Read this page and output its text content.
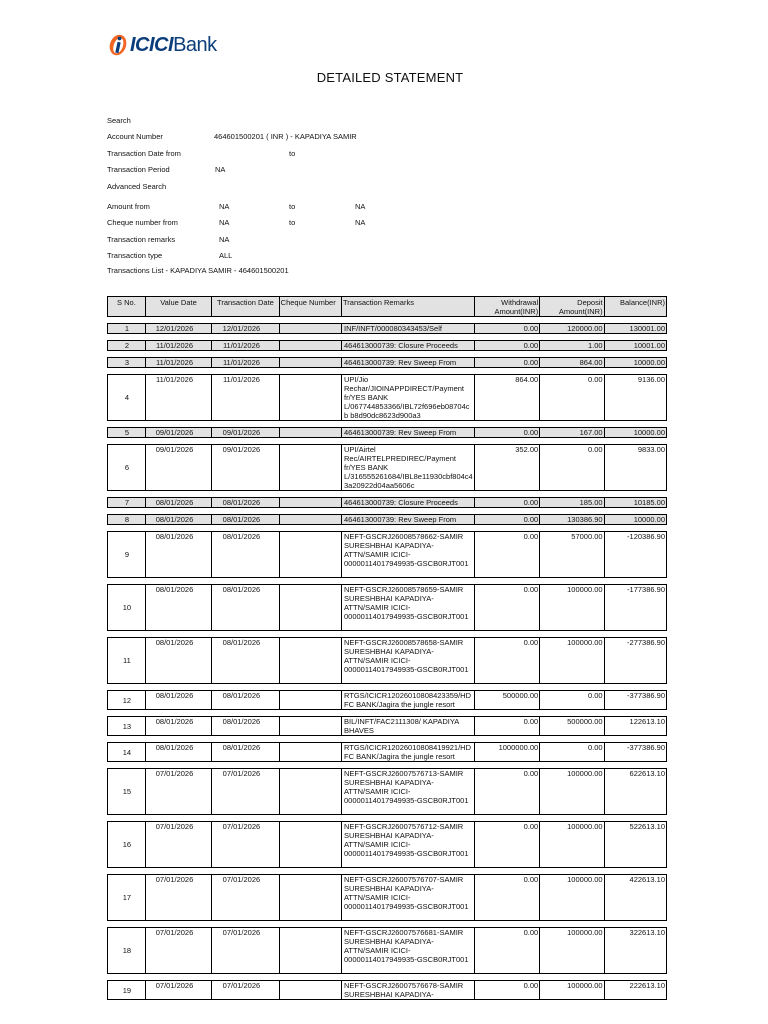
ICICIBank
DETAILED STATEMENT
Search
Account Number	464601500201 ( INR ) - KAPADIYA SAMIR
Transaction Date from	to
Transaction Period	NA
Advanced Search
Amount from	NA	to	NA
Cheque number from	NA	to	NA
Transaction remarks	NA
Transaction type	ALL
Transactions List - KAPADIYA SAMIR - 464601500201
S No.	Value Date	Transaction Date	Cheque Number	Transaction Remarks	Withdrawal Amount(INR)	Deposit Amount(INR)	Balance(INR)
1	12/01/2026	12/01/2026		INF/INFT/000080343453/Self	0.00	120000.00	130001.00
2	11/01/2026	11/01/2026		464613000739: Closure Proceeds	0.00	1.00	10001.00
3	11/01/2026	11/01/2026		464613000739: Rev Sweep From	0.00	864.00	10000.00
4	11/01/2026	11/01/2026		UPI/Jio Rechar/JIOINAPPDIRECT/Payment fr/YES BANK L/067744853366/IBL72f696eb08704cb b8d90dc8623d900a3	864.00	0.00	9136.00
5	09/01/2026	09/01/2026		464613000739: Rev Sweep From	0.00	167.00	10000.00
6	09/01/2026	09/01/2026		UPI/Airtel Rec/AIRTELPREDIREC/Payment fr/YES BANK L/316555261684/IBL8e11930cbf804c4 3a20922d04aa5606c	352.00	0.00	9833.00
7	08/01/2026	08/01/2026		464613000739: Closure Proceeds	0.00	185.00	10185.00
8	08/01/2026	08/01/2026		464613000739: Rev Sweep From	0.00	130386.90	10000.00
9	08/01/2026	08/01/2026		NEFT-GSCRJ26008578662-SAMIR SURESHBHAI KAPADIYA-ATTN/SAMIR ICICI-00000114017949935-GSCB0RJT001	0.00	57000.00	-120386.90
10	08/01/2026	08/01/2026		NEFT-GSCRJ26008578659-SAMIR SURESHBHAI KAPADIYA-ATTN/SAMIR ICICI-00000114017949935-GSCB0RJT001	0.00	100000.00	-177386.90
11	08/01/2026	08/01/2026		NEFT-GSCRJ26008578658-SAMIR SURESHBHAI KAPADIYA-ATTN/SAMIR ICICI-00000114017949935-GSCB0RJT001	0.00	100000.00	-277386.90
12	08/01/2026	08/01/2026		RTGS/ICICR12026010808423359/HDFC BANK/Jagira the jungle resort	500000.00	0.00	-377386.90
13	08/01/2026	08/01/2026		BIL/INFT/FAC2111308/ KAPADIYA BHAVES	0.00	500000.00	122613.10
14	08/01/2026	08/01/2026		RTGS/ICICR12026010808419921/HDFC BANK/Jagira the jungle resort	1000000.00	0.00	-377386.90
15	07/01/2026	07/01/2026		NEFT-GSCRJ26007576713-SAMIR SURESHBHAI KAPADIYA-ATTN/SAMIR ICICI-00000114017949935-GSCB0RJT001	0.00	100000.00	622613.10
16	07/01/2026	07/01/2026		NEFT-GSCRJ26007576712-SAMIR SURESHBHAI KAPADIYA-ATTN/SAMIR ICICI-00000114017949935-GSCB0RJT001	0.00	100000.00	522613.10
17	07/01/2026	07/01/2026		NEFT-GSCRJ26007576707-SAMIR SURESHBHAI KAPADIYA-ATTN/SAMIR ICICI-00000114017949935-GSCB0RJT001	0.00	100000.00	422613.10
18	07/01/2026	07/01/2026		NEFT-GSCRJ26007576681-SAMIR SURESHBHAI KAPADIYA-ATTN/SAMIR ICICI-00000114017949935-GSCB0RJT001	0.00	100000.00	322613.10
19	07/01/2026	07/01/2026		NEFT-GSCRJ26007576678-SAMIR SURESHBHAI KAPADIYA-	0.00	100000.00	222613.10
